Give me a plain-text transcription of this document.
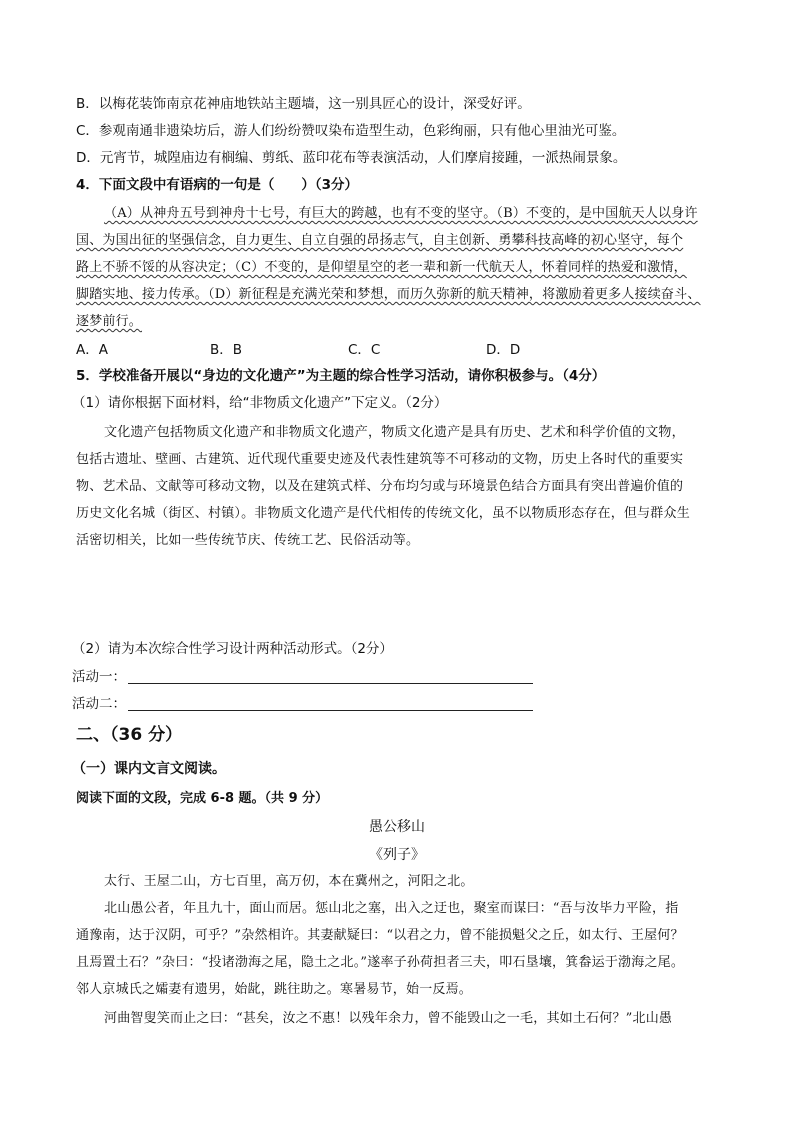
B．以梅花装饰南京花神庙地铁站主题墙，这一别具匠心的设计，深受好评。
C．参观南通非遗染坊后，游人们纷纷赞叹染布造型生动，色彩绚丽，只有他心里油光可鉴。
D．元宵节，城隍庙边有榈编、剪纸、蓝印花布等表演活动，人们摩肩接踵，一派热闹景象。
4．下面文段中有语病的一句是（　　）（3分）
（A）从神舟五号到神舟十七号，有巨大的跨越，也有不变的坚守。（B）不变的，是中国航天人以身许
国、为国出征的坚强信念，自力更生、自立自强的昂扬志气，自主创新、勇攀科技高峰的初心坚守，每个
路上不骄不馁的从容决定；（C）不变的，是仰望星空的老一辈和新一代航天人，怀着同样的热爱和激情，
脚踏实地、接力传承。（D）新征程是充满光荣和梦想，而历久弥新的航天精神，将激励着更多人接续奋斗、
逐梦前行。
A．A	B．B	C．C	D．D
5．学校准备开展以“身边的文化遗产”为主题的综合性学习活动，请你积极参与。（4分）
（1）请你根据下面材料，给“非物质文化遗产”下定义。（2分）
文化遗产包括物质文化遗产和非物质文化遗产，物质文化遗产是具有历史、艺术和科学价值的文物，
包括古遗址、壁画、古建筑、近代现代重要史迹及代表性建筑等不可移动的文物，历史上各时代的重要实
物、艺术品、文献等可移动文物，以及在建筑式样、分布均匀或与环境景色结合方面具有突出普遍价值的
历史文化名城（街区、村镇）。非物质文化遗产是代代相传的传统文化，虽不以物质形态存在，但与群众生
活密切相关，比如一些传统节庆、传统工艺、民俗活动等。
（2）请为本次综合性学习设计两种活动形式。（2分）
活动一：
活动二：
二、（36 分）
（一）课内文言文阅读。
阅读下面的文段，完成 6-8 题。（共 9 分）
愚公移山
《列子》
太行、王屋二山，方七百里，高万仞，本在冀州之，河阳之北。
北山愚公者，年且九十，面山而居。惩山北之塞，出入之迂也，聚室而谋曰：“吾与汝毕力平险，指
通豫南，达于汉阴，可乎？”杂然相许。其妻献疑曰：“以君之力，曾不能损魁父之丘，如太行、王屋何？
且焉置土石？”杂曰：“投诸渤海之尾，隐土之北。”遂率子孙荷担者三夫，叩石垦壤，箕畚运于渤海之尾。
邻人京城氏之孀妻有遗男，始龀，跳往助之。寒暑易节，始一反焉。
河曲智叟笑而止之曰：“甚矣，汝之不惠！以残年余力，曾不能毁山之一毛，其如土石何？”北山愚
